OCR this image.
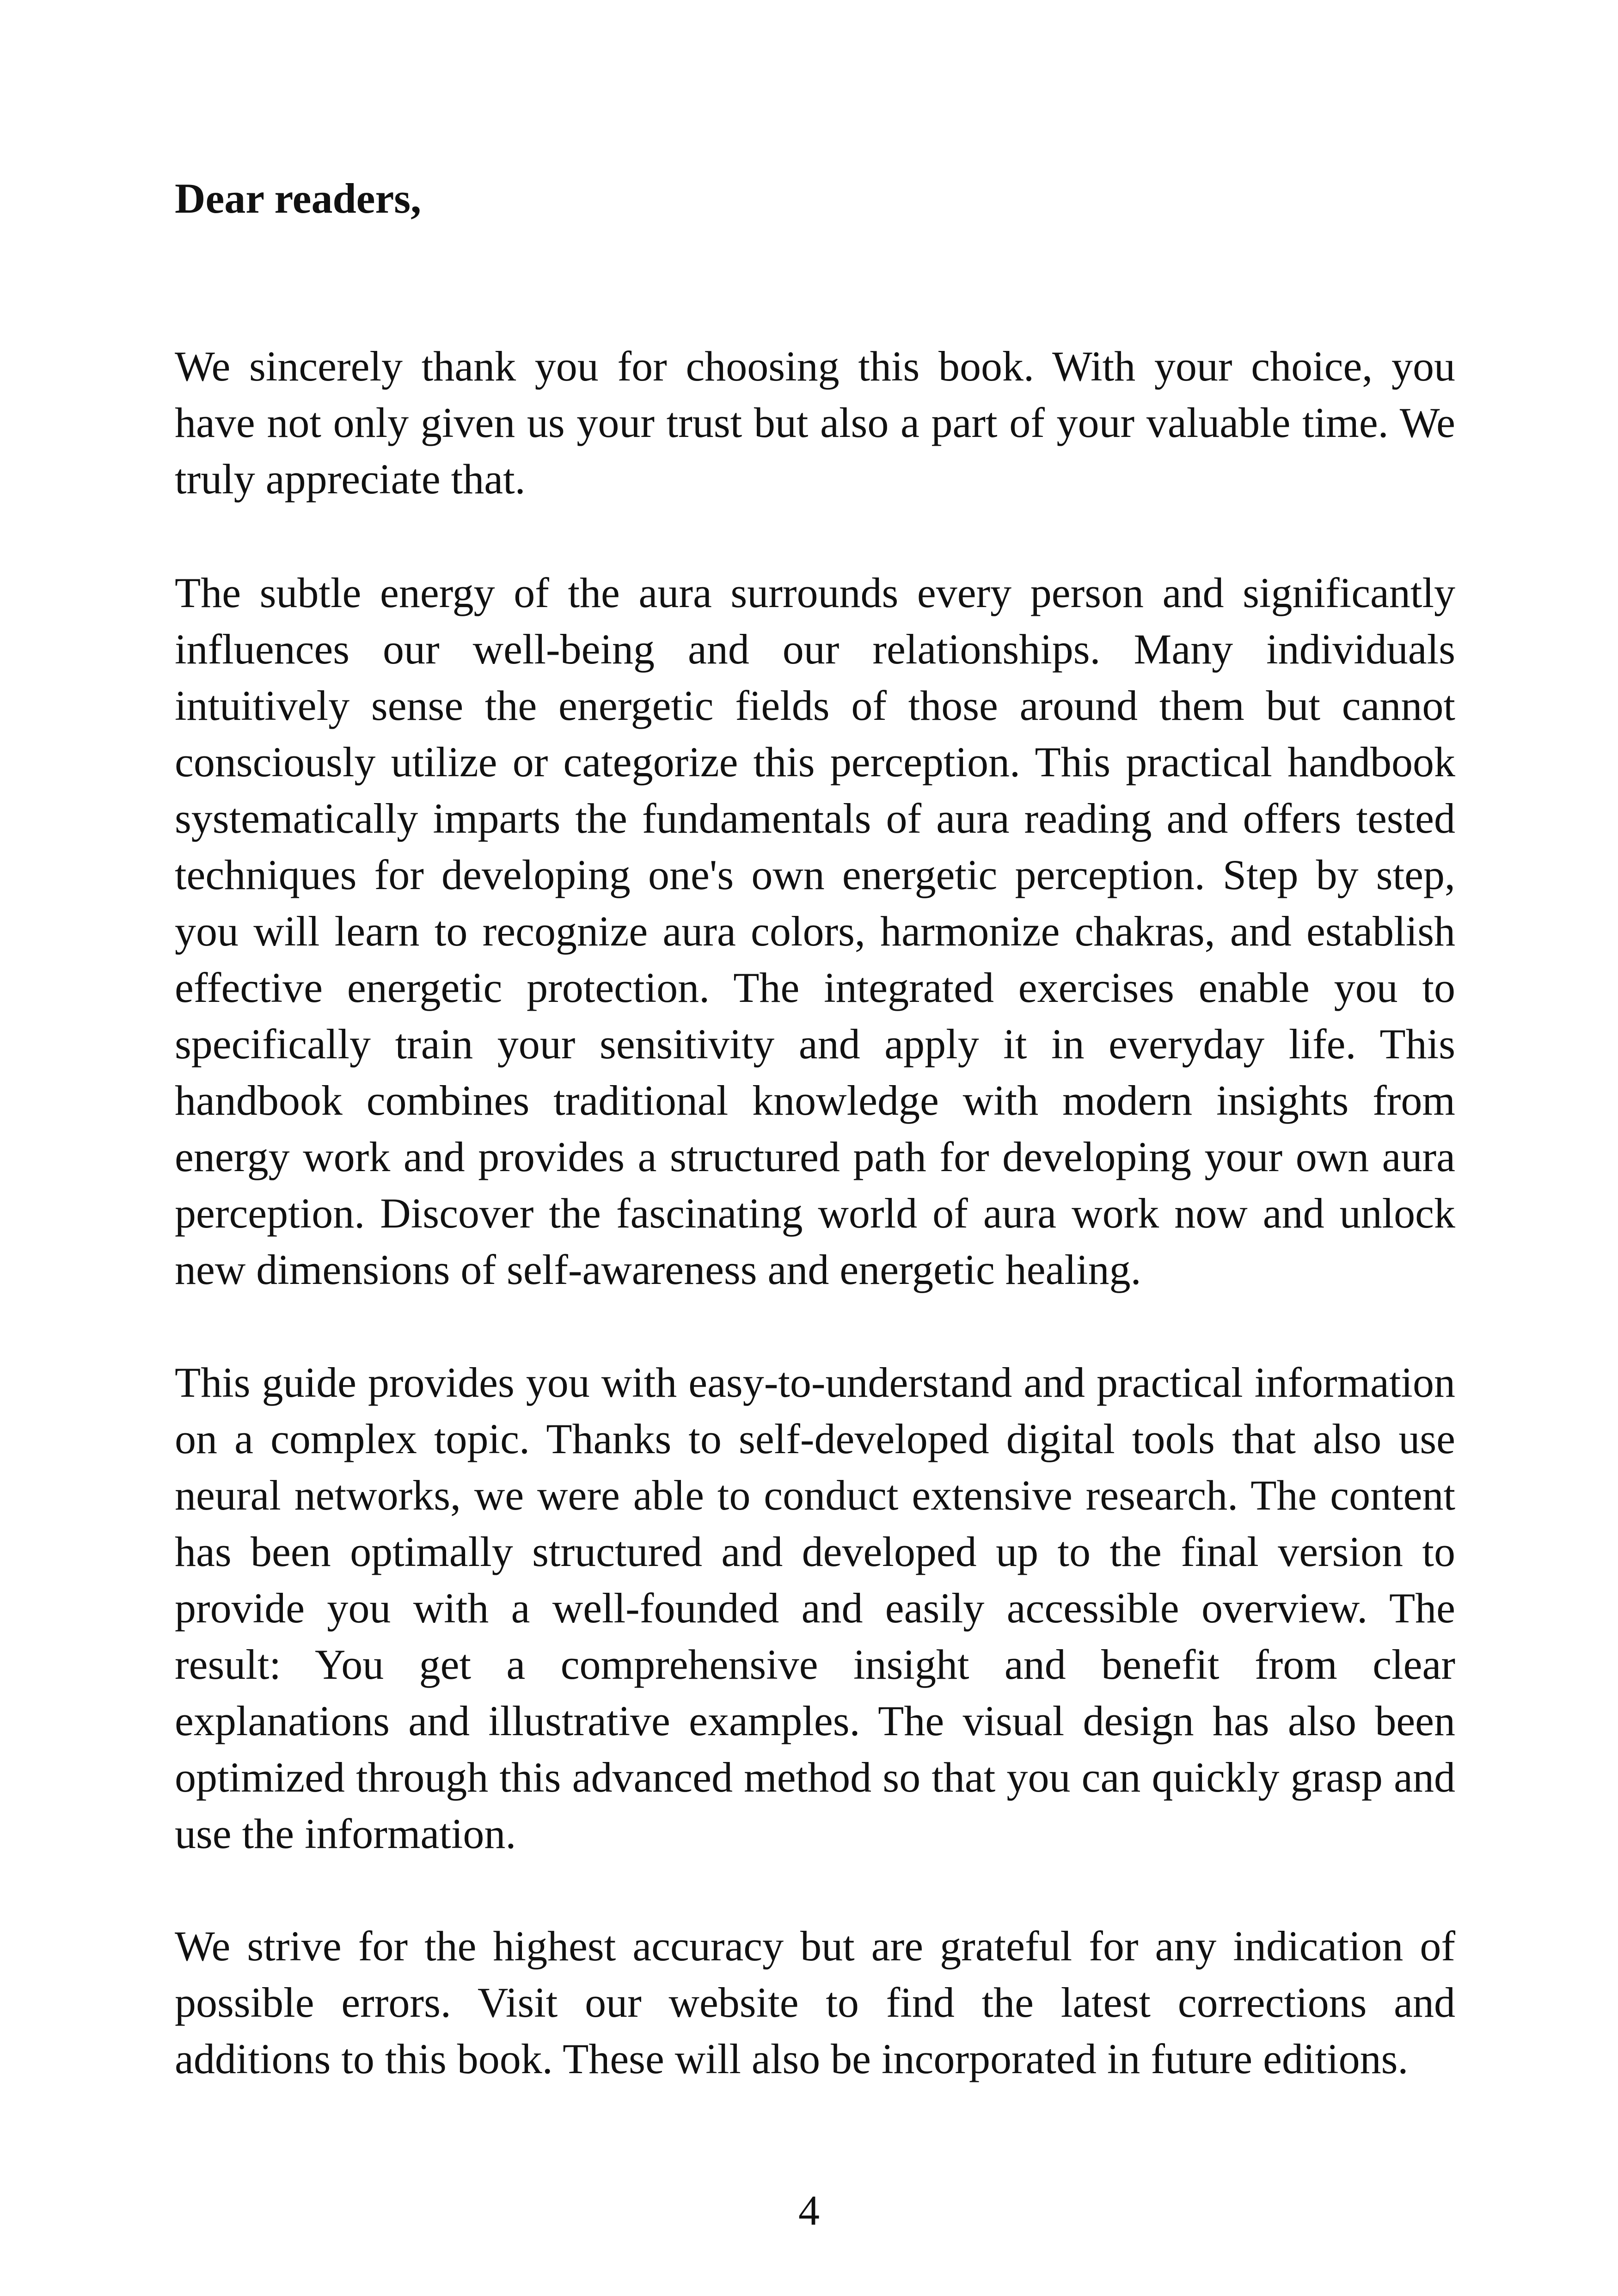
Dear readers,

We sincerely thank you for choosing this book. With your choice, you have not only given us your trust but also a part of your valuable time. We truly appreciate that.

The subtle energy of the aura surrounds every person and significantly influences our well-being and our relationships. Many individuals intuitively sense the energetic fields of those around them but cannot consciously utilize or categorize this perception. This practical handbook systematically imparts the fundamentals of aura reading and offers tested techniques for developing one's own energetic perception. Step by step, you will learn to recognize aura colors, harmonize chakras, and establish effective energetic protection. The integrated exercises enable you to specifically train your sensitivity and apply it in everyday life. This handbook combines traditional knowledge with modern insights from energy work and provides a structured path for developing your own aura perception. Discover the fascinating world of aura work now and unlock new dimensions of self-awareness and energetic healing.

This guide provides you with easy-to-understand and practical information on a complex topic. Thanks to self-developed digital tools that also use neural networks, we were able to conduct extensive research. The content has been optimally structured and developed up to the final version to provide you with a well-founded and easily accessible overview. The result: You get a comprehensive insight and benefit from clear explanations and illustrative examples. The visual design has also been optimized through this advanced method so that you can quickly grasp and use the information.

We strive for the highest accuracy but are grateful for any indication of possible errors. Visit our website to find the latest corrections and additions to this book. These will also be incorporated in future editions.

4
